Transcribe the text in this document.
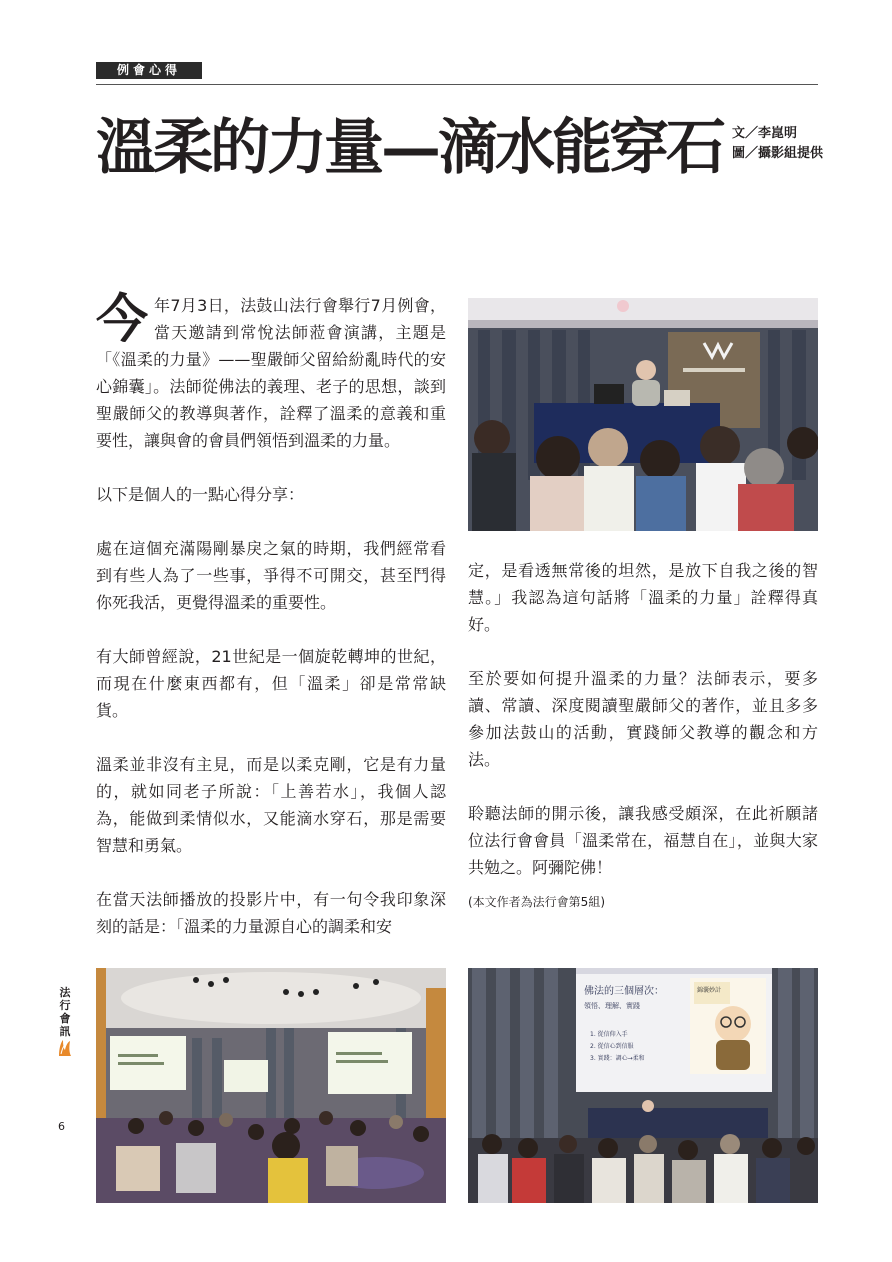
例會心得
溫柔的力量—滴水能穿石 文／李崑明
圖／攝影組提供

今年7月3日，法鼓山法行會舉行7月例會，當天邀請到常悅法師蒞會演講，主題是「《溫柔的力量》——聖嚴師父留給紛亂時代的安心錦囊」。法師從佛法的義理、老子的思想，談到聖嚴師父的教導與著作，詮釋了溫柔的意義和重要性，讓與會的會員們領悟到溫柔的力量。

以下是個人的一點心得分享：

處在這個充滿陽剛暴戾之氣的時期，我們經常看到有些人為了一些事，爭得不可開交，甚至鬥得你死我活，更覺得溫柔的重要性。

有大師曾經說，21世紀是一個旋乾轉坤的世紀，而現在什麼東西都有，但「溫柔」卻是常常缺貨。

溫柔並非沒有主見，而是以柔克剛，它是有力量的，就如同老子所說：「上善若水」，我個人認為，能做到柔情似水，又能滴水穿石，那是需要智慧和勇氣。

在當天法師播放的投影片中，有一句令我印象深刻的話是：「溫柔的力量源自心的調柔和安

定，是看透無常後的坦然，是放下自我之後的智慧。」我認為這句話將「溫柔的力量」詮釋得真好。

至於要如何提升溫柔的力量？法師表示，要多讀、常讀、深度閱讀聖嚴師父的著作，並且多多參加法鼓山的活動，實踐師父教導的觀念和方法。

聆聽法師的開示後，讓我感受頗深，在此祈願諸位法行會會員「溫柔常在，福慧自在」，並與大家共勉之。阿彌陀佛！

(本文作者為法行會第5組)
佛法的三個層次：
領悟、理解、實踐
1. 從信仰入手
2. 從信心到信服
3. 實踐：調心→柔和
錦囊妙計
法行會訊
6
